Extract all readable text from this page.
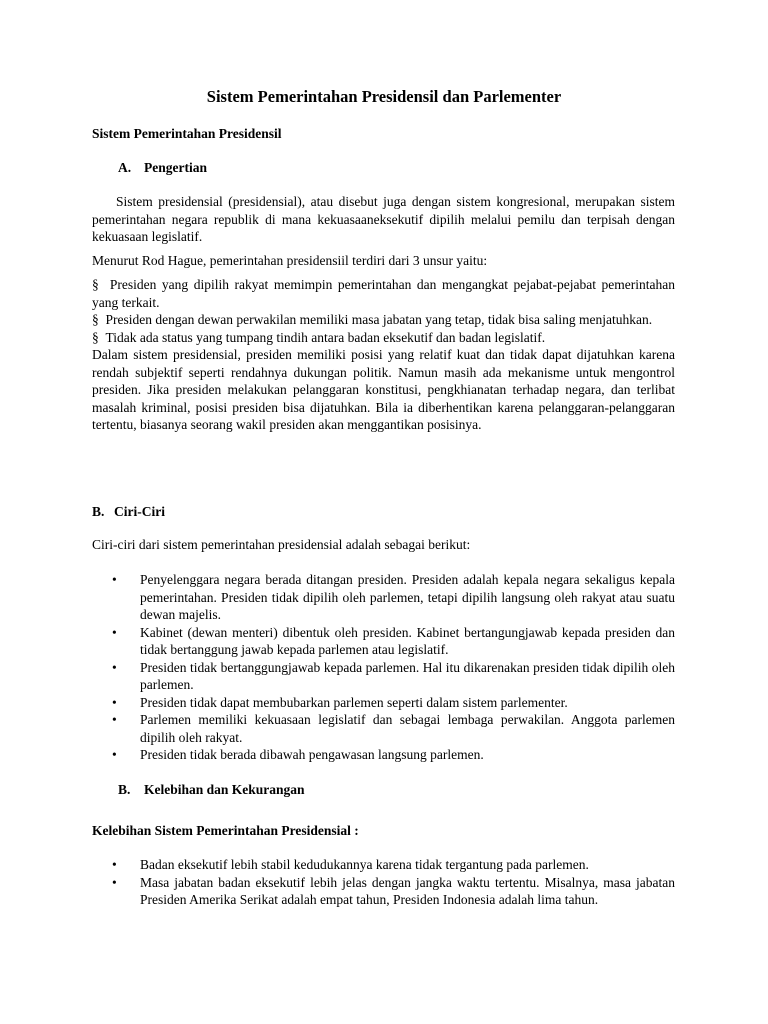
Sistem Pemerintahan Presidensil dan Parlementer
Sistem Pemerintahan Presidensil
A. Pengertian

Sistem presidensial (presidensial), atau disebut juga dengan sistem kongresional, merupakan sistem pemerintahan negara republik di mana kekuasaaneksekutif dipilih melalui pemilu dan terpisah dengan kekuasaan legislatif.

Menurut Rod Hague, pemerintahan presidensiil terdiri dari 3 unsur yaitu:

§ Presiden yang dipilih rakyat memimpin pemerintahan dan mengangkat pejabat-pejabat pemerintahan yang terkait.

§ Presiden dengan dewan perwakilan memiliki masa jabatan yang tetap, tidak bisa saling menjatuhkan.

§ Tidak ada status yang tumpang tindih antara badan eksekutif dan badan legislatif.

Dalam sistem presidensial, presiden memiliki posisi yang relatif kuat dan tidak dapat dijatuhkan karena rendah subjektif seperti rendahnya dukungan politik. Namun masih ada mekanisme untuk mengontrol presiden. Jika presiden melakukan pelanggaran konstitusi, pengkhianatan terhadap negara, dan terlibat masalah kriminal, posisi presiden bisa dijatuhkan. Bila ia diberhentikan karena pelanggaran-pelanggaran tertentu, biasanya seorang wakil presiden akan menggantikan posisinya.

B. Ciri-Ciri

Ciri-ciri dari sistem pemerintahan presidensial adalah sebagai berikut:

• Penyelenggara negara berada ditangan presiden. Presiden adalah kepala negara sekaligus kepala pemerintahan. Presiden tidak dipilih oleh parlemen, tetapi dipilih langsung oleh rakyat atau suatu dewan majelis.
• Kabinet (dewan menteri) dibentuk oleh presiden. Kabinet bertangungjawab kepada presiden dan tidak bertanggung jawab kepada parlemen atau legislatif.
• Presiden tidak bertanggungjawab kepada parlemen. Hal itu dikarenakan presiden tidak dipilih oleh parlemen.
• Presiden tidak dapat membubarkan parlemen seperti dalam sistem parlementer.
• Parlemen memiliki kekuasaan legislatif dan sebagai lembaga perwakilan. Anggota parlemen dipilih oleh rakyat.
• Presiden tidak berada dibawah pengawasan langsung parlemen.
B. Kelebihan dan Kekurangan
Kelebihan Sistem Pemerintahan Presidensial :
• Badan eksekutif lebih stabil kedudukannya karena tidak tergantung pada parlemen.
• Masa jabatan badan eksekutif lebih jelas dengan jangka waktu tertentu. Misalnya, masa jabatan Presiden Amerika Serikat adalah empat tahun, Presiden Indonesia adalah lima tahun.
